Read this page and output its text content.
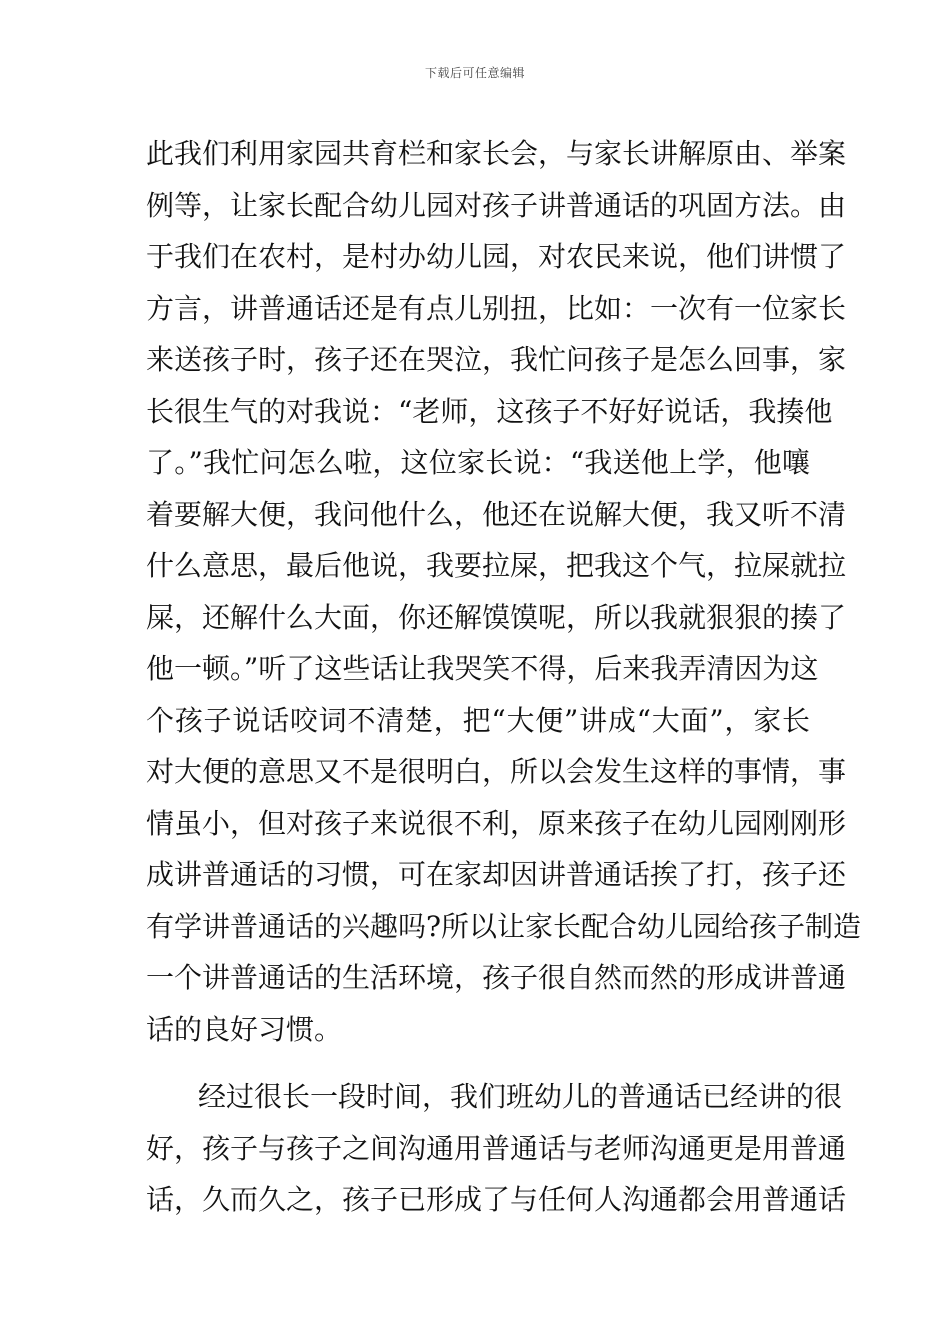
下载后可任意编辑
此我们利用家园共育栏和家长会，与家长讲解原由、举案
例等，让家长配合幼儿园对孩子讲普通话的巩固方法。由
于我们在农村，是村办幼儿园，对农民来说，他们讲惯了
方言，讲普通话还是有点儿别扭，比如：一次有一位家长
来送孩子时，孩子还在哭泣，我忙问孩子是怎么回事，家
长很生气的对我说：“老师，这孩子不好好说话，我揍他
了。”我忙问怎么啦，这位家长说：“我送他上学，他嚷
着要解大便，我问他什么，他还在说解大便，我又听不清
什么意思，最后他说，我要拉屎，把我这个气，拉屎就拉
屎，还解什么大面，你还解馍馍呢，所以我就狠狠的揍了
他一顿。”听了这些话让我哭笑不得，后来我弄清因为这
个孩子说话咬词不清楚，把“大便”讲成“大面”，家长
对大便的意思又不是很明白，所以会发生这样的事情，事
情虽小，但对孩子来说很不利，原来孩子在幼儿园刚刚形
成讲普通话的习惯，可在家却因讲普通话挨了打，孩子还
有学讲普通话的兴趣吗?所以让家长配合幼儿园给孩子制造
一个讲普通话的生活环境，孩子很自然而然的形成讲普通
话的良好习惯。
经过很长一段时间，我们班幼儿的普通话已经讲的很
好，孩子与孩子之间沟通用普通话与老师沟通更是用普通
话，久而久之，孩子已形成了与任何人沟通都会用普通话
